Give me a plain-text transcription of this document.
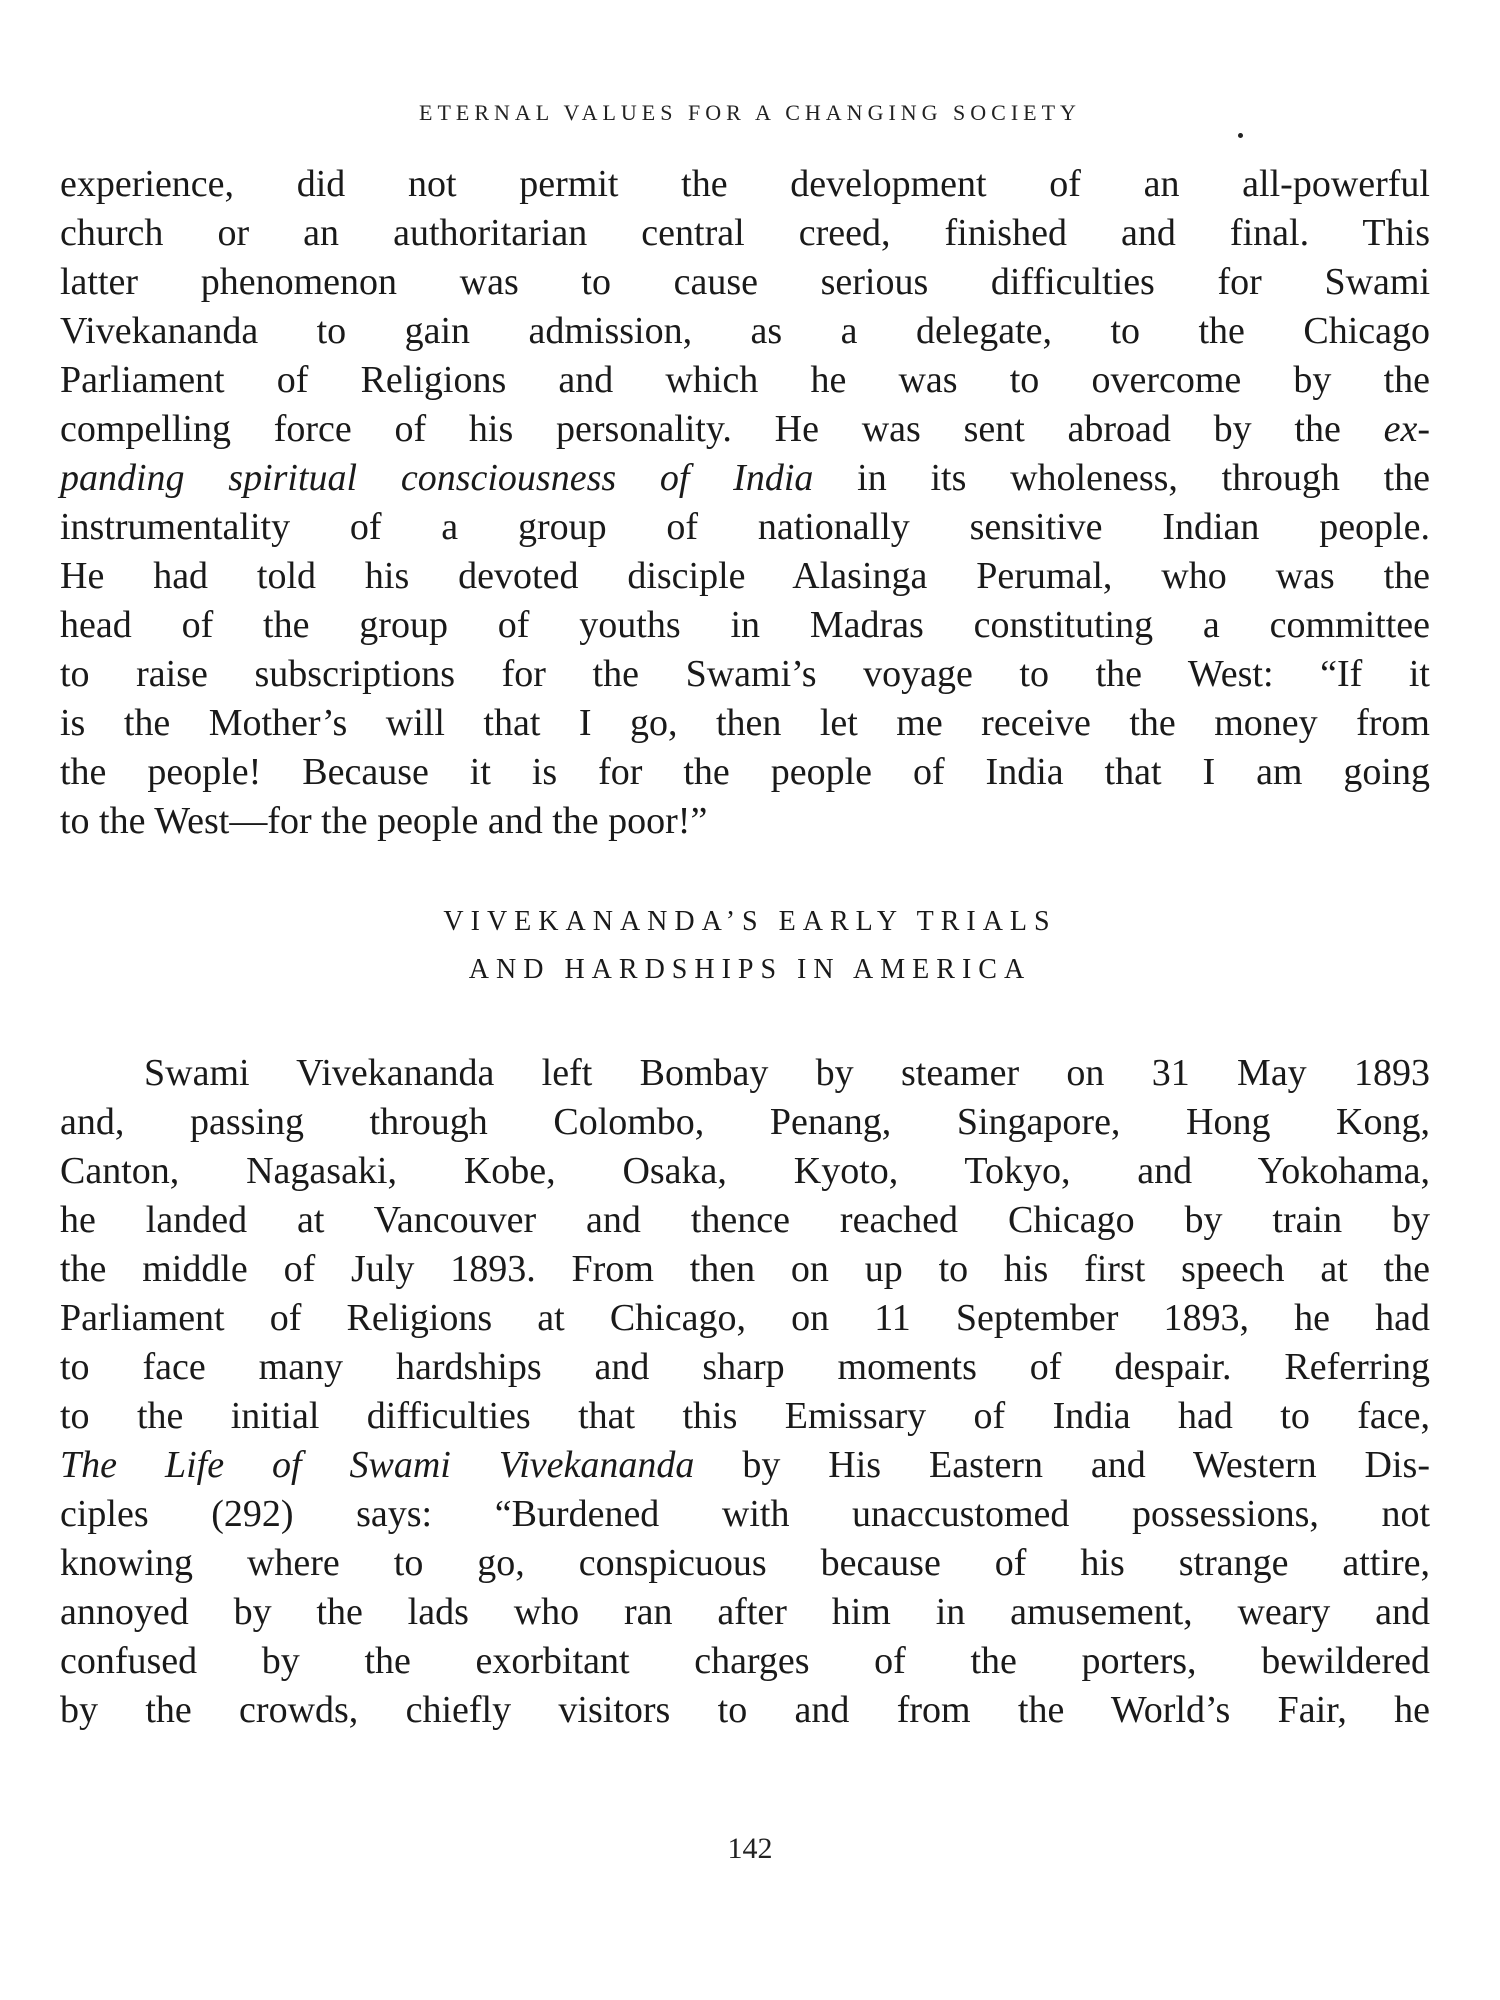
ETERNAL VALUES FOR A CHANGING SOCIETY
experience, did not permit the development of an all-powerful
church or an authoritarian central creed, finished and final. This
latter phenomenon was to cause serious difficulties for Swami
Vivekananda to gain admission, as a delegate, to the Chicago
Parliament of Religions and which he was to overcome by the
compelling force of his personality. He was sent abroad by the ex-
panding spiritual consciousness of India in its wholeness, through the
instrumentality of a group of nationally sensitive Indian people.
He had told his devoted disciple Alasinga Perumal, who was the
head of the group of youths in Madras constituting a committee
to raise subscriptions for the Swami’s voyage to the West: “If it
is the Mother’s will that I go, then let me receive the money from
the people! Because it is for the people of India that I am going
to the West—for the people and the poor!”
VIVEKANANDA’S EARLY TRIALS
AND HARDSHIPS IN AMERICA
Swami Vivekananda left Bombay by steamer on 31 May 1893
and, passing through Colombo, Penang, Singapore, Hong Kong,
Canton, Nagasaki, Kobe, Osaka, Kyoto, Tokyo, and Yokohama,
he landed at Vancouver and thence reached Chicago by train by
the middle of July 1893. From then on up to his first speech at the
Parliament of Religions at Chicago, on 11 September 1893, he had
to face many hardships and sharp moments of despair. Referring
to the initial difficulties that this Emissary of India had to face,
The Life of Swami Vivekananda by His Eastern and Western Dis-
ciples (292) says: “Burdened with unaccustomed possessions, not
knowing where to go, conspicuous because of his strange attire,
annoyed by the lads who ran after him in amusement, weary and
confused by the exorbitant charges of the porters, bewildered
by the crowds, chiefly visitors to and from the World’s Fair, he
142
